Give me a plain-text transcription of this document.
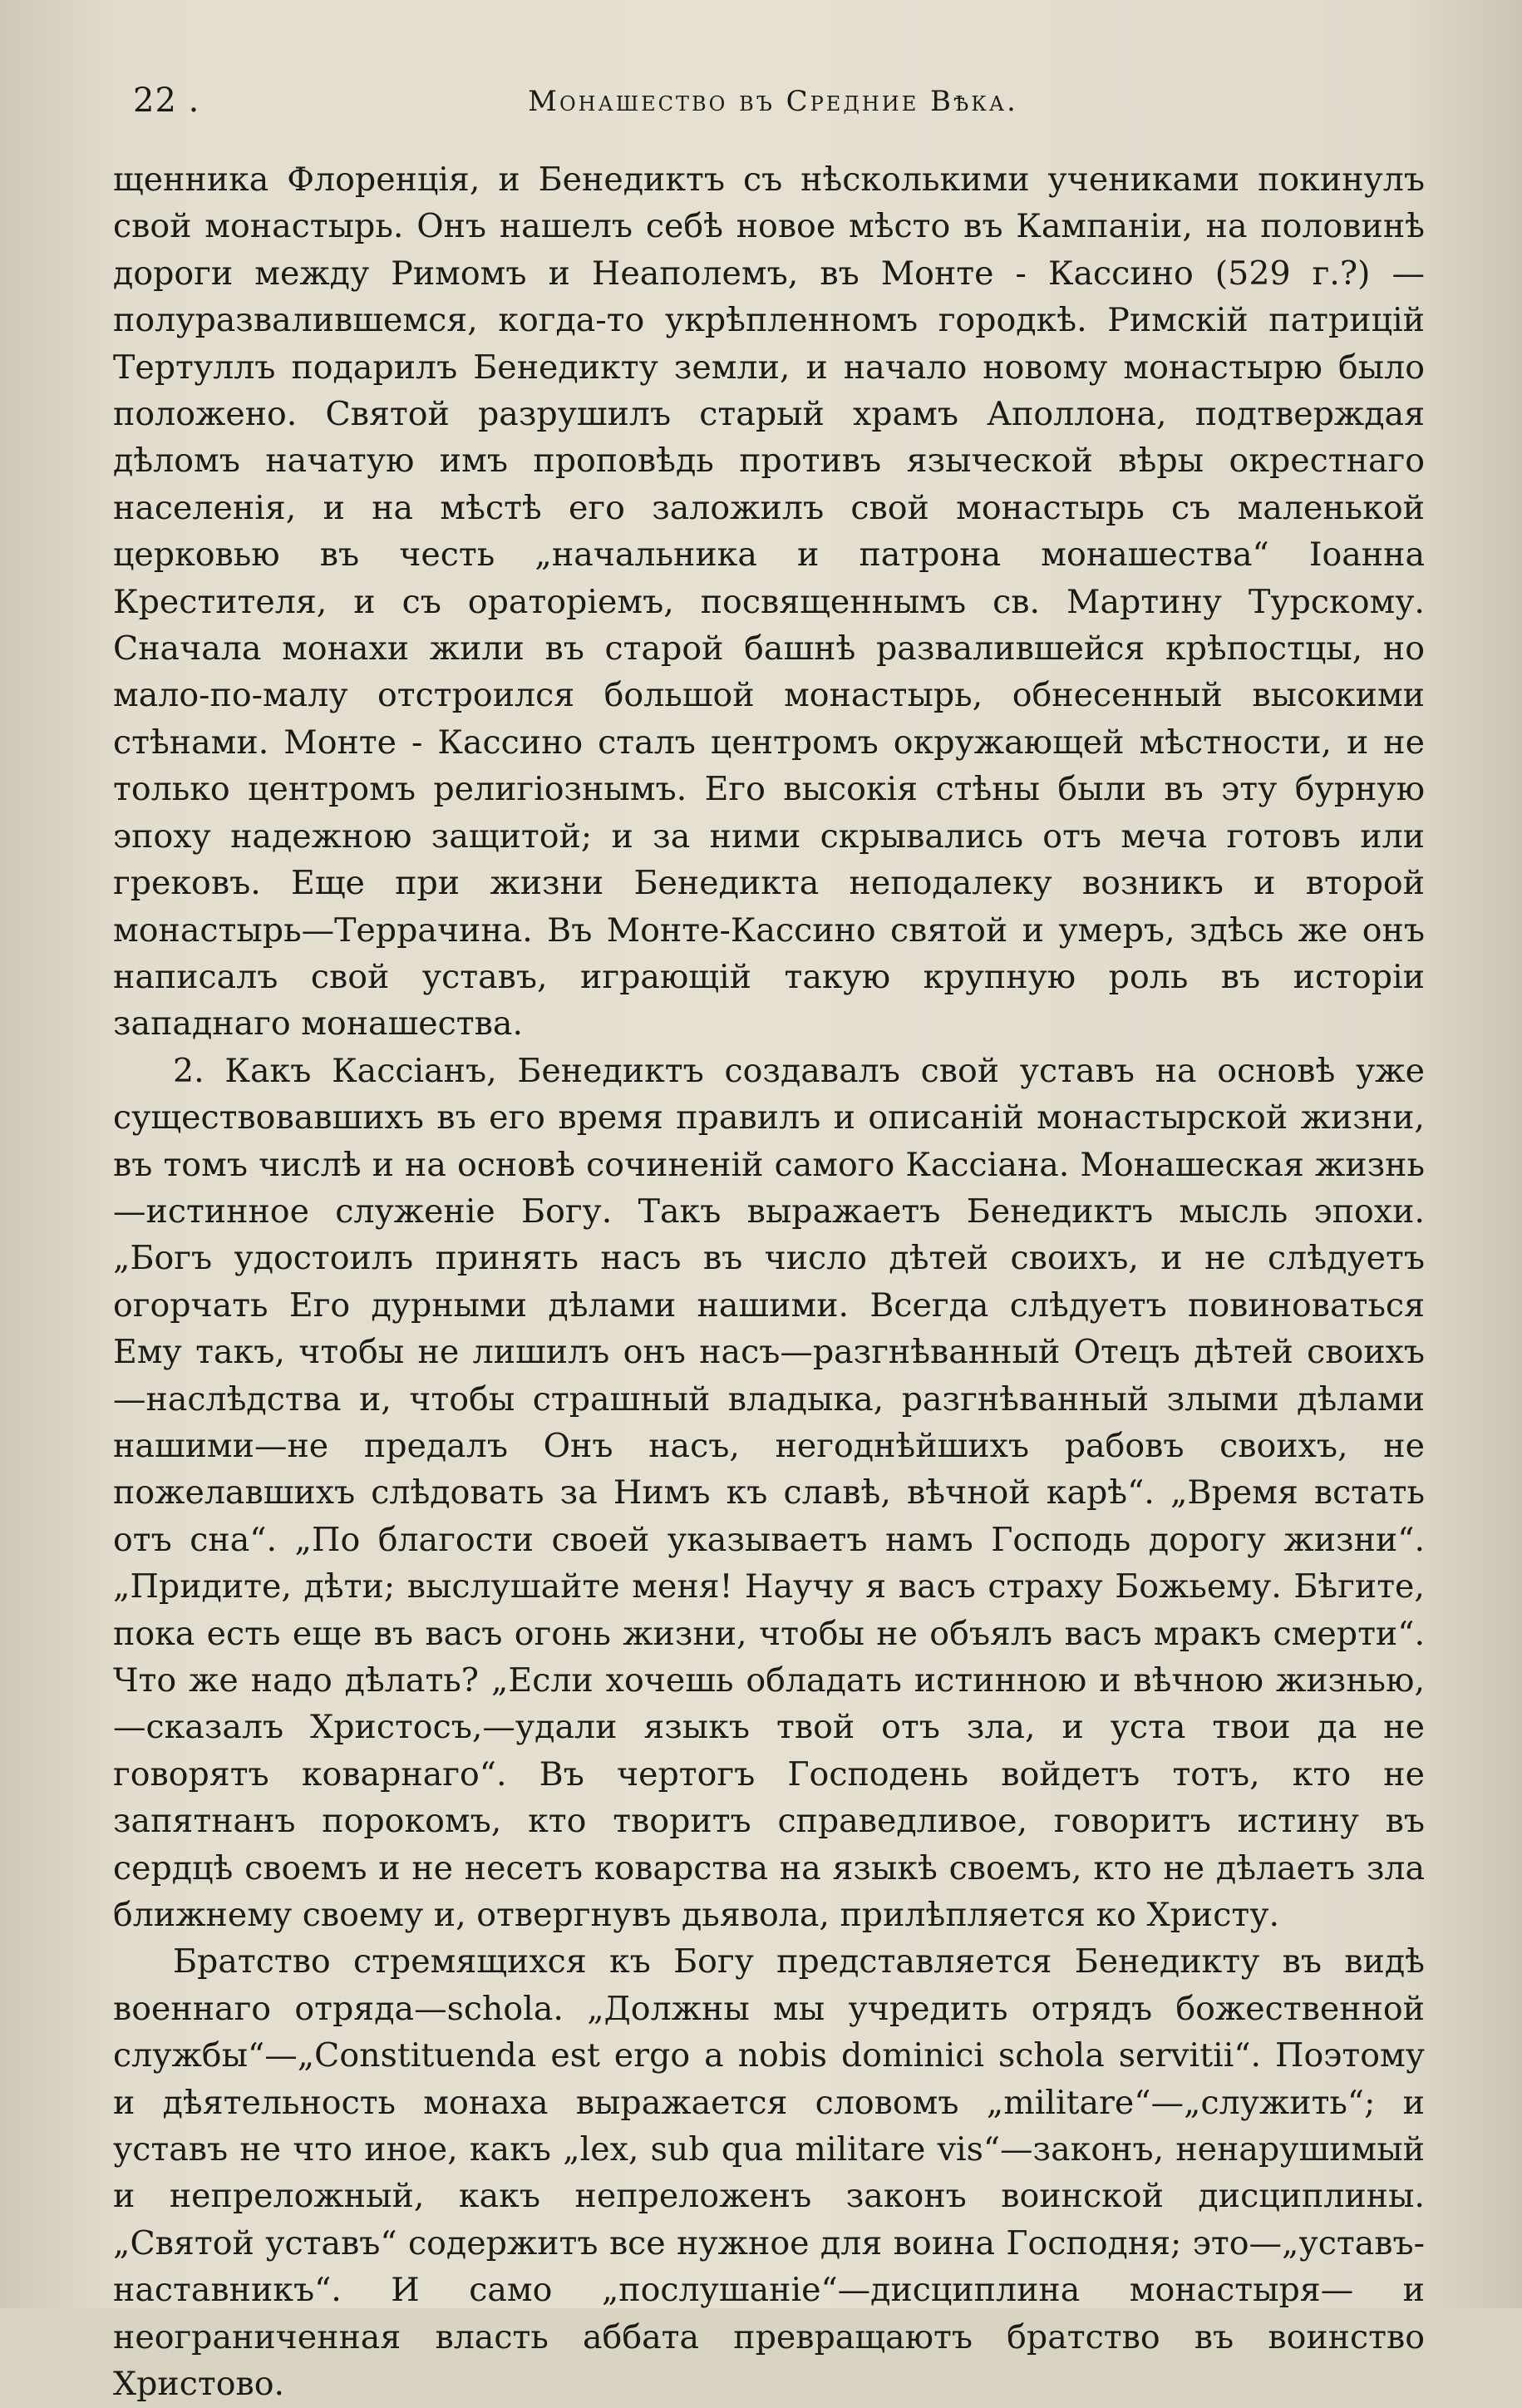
22 .	Монашество въ Средние Вѣка.

щенника Флоренція, и Бенедиктъ съ нѣсколькими учениками покинулъ свой монастырь. Онъ нашелъ себѣ новое мѣсто въ Кампаніи, на половинѣ дороги между Римомъ и Неаполемъ, въ Монте - Кассино (529 г.?) — полуразвалившемся, когда-то укрѣпленномъ городкѣ. Римскій патрицій Тертуллъ подарилъ Бенедикту земли, и начало новому монастырю было положено. Святой разрушилъ старый храмъ Аполлона, подтверждая дѣломъ начатую имъ проповѣдь противъ языческой вѣры окрестнаго населенія, и на мѣстѣ его заложилъ свой монастырь съ маленькой церковью въ честь „начальника и патрона монашества“ Іоанна Крестителя, и съ ораторіемъ, посвященнымъ св. Мартину Турскому. Сначала монахи жили въ старой башнѣ развалившейся крѣпостцы, но мало-по-малу отстроился большой монастырь, обнесенный высокими стѣнами. Монте - Кассино сталъ центромъ окружающей мѣстности, и не только центромъ религіознымъ. Его высокія стѣны были въ эту бурную эпоху надежною защитой; и за ними скрывались отъ меча готовъ или грековъ. Еще при жизни Бенедикта неподалеку возникъ и второй монастырь—Террачина. Въ Монте-Кассино святой и умеръ, здѣсь же онъ написалъ свой уставъ, играющій такую крупную роль въ исторіи западнаго монашества.

2. Какъ Кассіанъ, Бенедиктъ создавалъ свой уставъ на основѣ уже существовавшихъ въ его время правилъ и описаній монастырской жизни, въ томъ числѣ и на основѣ сочиненій самого Кассіана. Монашеская жизнь—истинное служеніе Богу. Такъ выражаетъ Бенедиктъ мысль эпохи. „Богъ удостоилъ принять насъ въ число дѣтей своихъ, и не слѣдуетъ огорчать Его дурными дѣлами нашими. Всегда слѣдуетъ повиноваться Ему такъ, чтобы не лишилъ онъ насъ—разгнѣванный Отецъ дѣтей своихъ—наслѣдства и, чтобы страшный владыка, разгнѣванный злыми дѣлами нашими—не предалъ Онъ насъ, негоднѣйшихъ рабовъ своихъ, не пожелавшихъ слѣдовать за Нимъ къ славѣ, вѣчной карѣ“. „Время встать отъ сна“. „По благости своей указываетъ намъ Господь дорогу жизни“. „Придите, дѣти; выслушайте меня! Научу я васъ страху Божьему. Бѣгите, пока есть еще въ васъ огонь жизни, чтобы не объялъ васъ мракъ смерти“. Что же надо дѣлать? „Если хочешь обладать истинною и вѣчною жизнью,—сказалъ Христосъ,—удали языкъ твой отъ зла, и уста твои да не говорятъ коварнаго“. Въ чертогъ Господень войдетъ тотъ, кто не запятнанъ порокомъ, кто творитъ справедливое, говоритъ истину въ сердцѣ своемъ и не несетъ коварства на языкѣ своемъ, кто не дѣлаетъ зла ближнему своему и, отвергнувъ дьявола, прилѣпляется ко Христу.

Братство стремящихся къ Богу представляется Бенедикту въ видѣ военнаго отряда—schola. „Должны мы учредить отрядъ божественной службы“—„Constituenda est ergo a nobis dominici schola servitii“. Поэтому и дѣятельность монаха выражается словомъ „militare“—„служить“; и уставъ не что иное, какъ „lex, sub qua militare vis“—законъ, ненарушимый и непреложный, какъ непреложенъ законъ воинской дисциплины. „Святой уставъ“ содержитъ все нужное для воина Господня; это—„уставъ-наставникъ“. И само „послушаніе“—дисциплина монастыря— и неограниченная власть аббата превращаютъ братство въ воинство Христово.
